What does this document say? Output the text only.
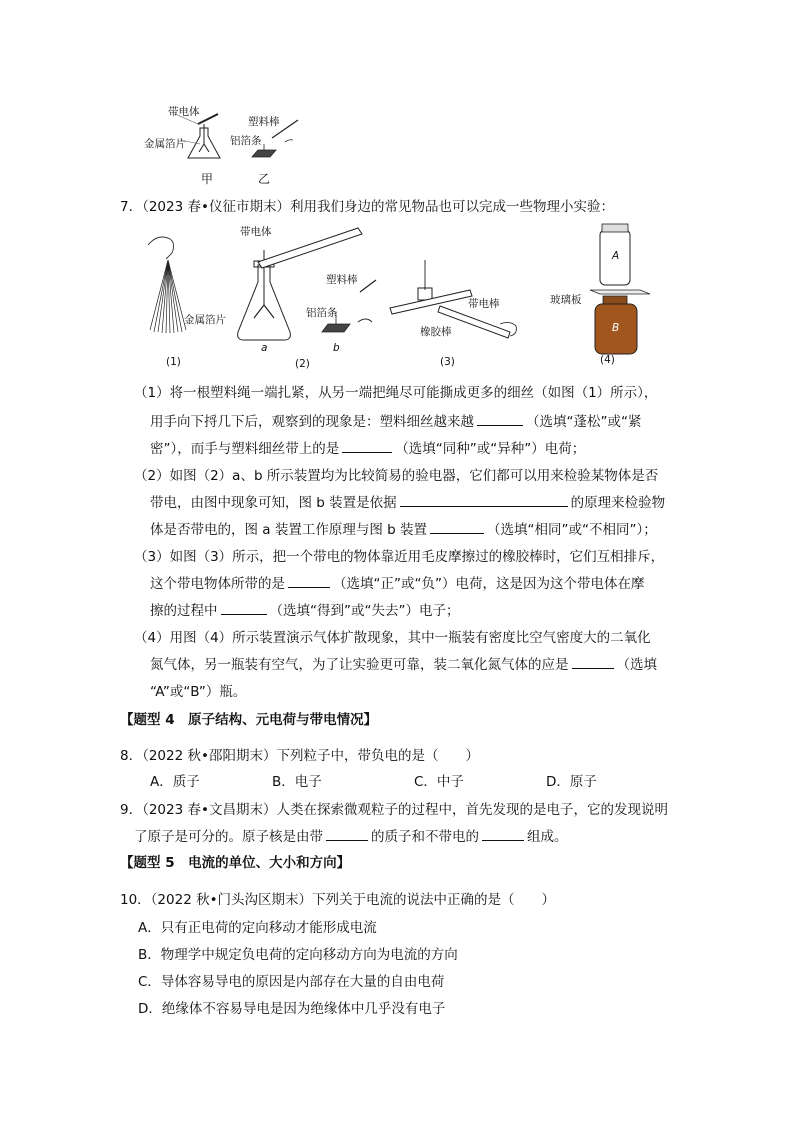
带电体
金属箔片
塑料棒
铝箔条
甲	乙
7．（2023 春•仪征市期末）利用我们身边的常见物品也可以完成一些物理小实验：
带电体
金属箔片
塑料棒
铝箔条
橡胶棒
带电棒	玻璃板
A
B
(1)
a	b
(2)	(3)	(4)
（1）将一根塑料绳一端扎紧，从另一端把绳尽可能撕成更多的细丝（如图（1）所示），
用手向下捋几下后，观察到的现象是：塑料细丝越来越	（选填“蓬松”或“紧
密”），而手与塑料细丝带上的是	（选填“同种”或“异种”）电荷；
（2）如图（2）a、b 所示装置均为比较简易的验电器，它们都可以用来检验某物体是否
带电，由图中现象可知，图 b 装置是依据	的原理来检验物
体是否带电的，图 a 装置工作原理与图 b 装置	（选填“相同”或“不相同”）；
（3）如图（3）所示，把一个带电的物体靠近用毛皮摩擦过的橡胶棒时，它们互相排斥，
这个带电物体所带的是	（选填“正”或“负”）电荷，这是因为这个带电体在摩
擦的过程中	（选填“得到”或“失去”）电子；
（4）用图（4）所示装置演示气体扩散现象，其中一瓶装有密度比空气密度大的二氧化
氮气体，另一瓶装有空气，为了让实验更可靠，装二氧化氮气体的应是	（选填
“A”或“B”）瓶。
【题型 4　原子结构、元电荷与带电情况】
8．（2022 秋•邵阳期末）下列粒子中，带负电的是（　　）
A．质子	B．电子	C．中子	D．原子
9．（2023 春•文昌期末）人类在探索微观粒子的过程中，首先发现的是电子，它的发现说明
了原子是可分的。原子核是由带	的质子和不带电的	组成。
【题型 5　电流的单位、大小和方向】
10．（2022 秋•门头沟区期末）下列关于电流的说法中正确的是（　　）
A．只有正电荷的定向移动才能形成电流
B．物理学中规定负电荷的定向移动方向为电流的方向
C．导体容易导电的原因是内部存在大量的自由电荷
D．绝缘体不容易导电是因为绝缘体中几乎没有电子
